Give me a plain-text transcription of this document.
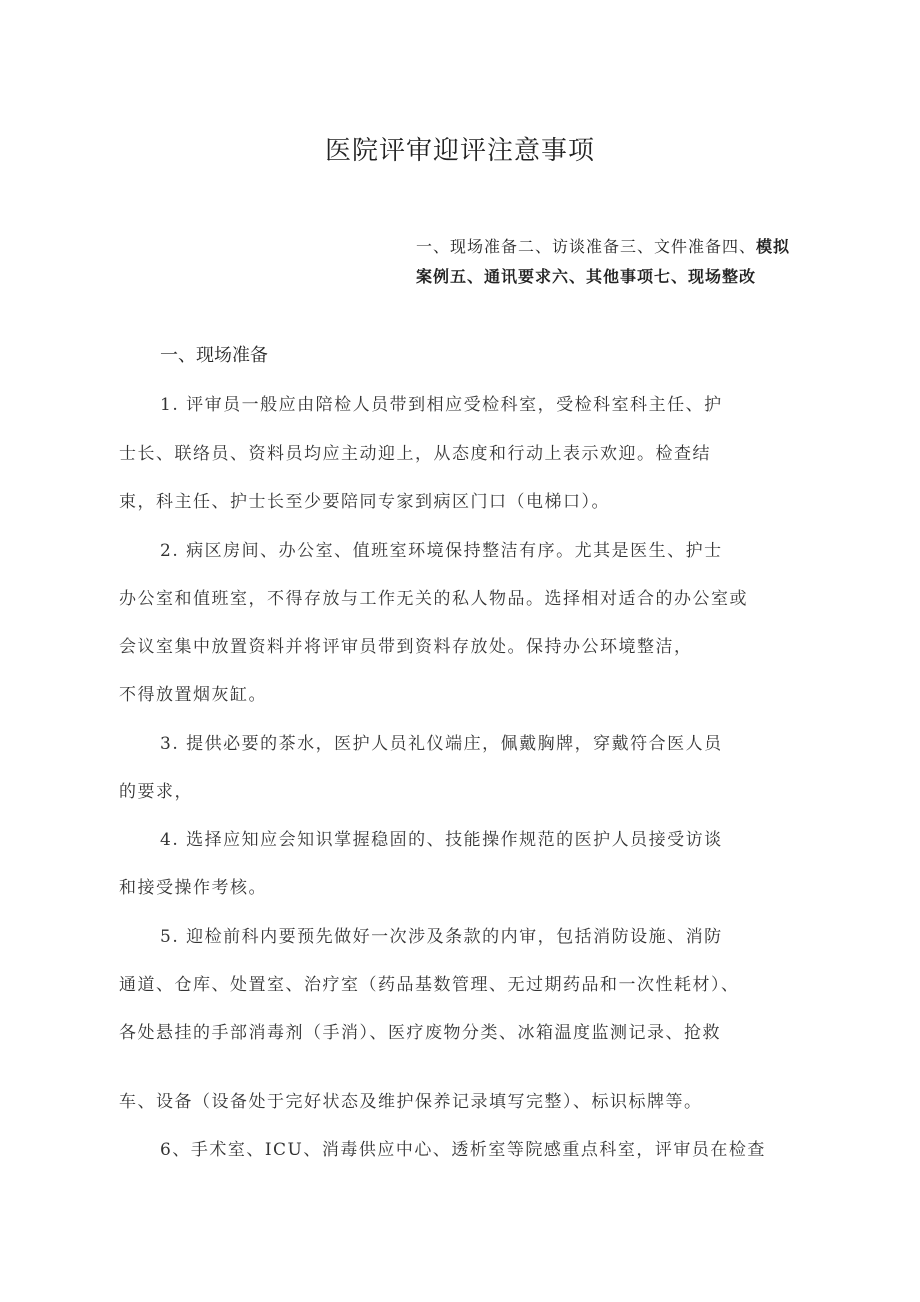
医院评审迎评注意事项
一、现场准备二、访谈准备三、文件准备四、模拟
案例五、通讯要求六、其他事项七、现场整改
一、现场准备
1. 评审员一般应由陪检人员带到相应受检科室，受检科室科主任、护
士长、联络员、资料员均应主动迎上，从态度和行动上表示欢迎。检查结
束，科主任、护士长至少要陪同专家到病区门口（电梯口）。
2. 病区房间、办公室、值班室环境保持整洁有序。尤其是医生、护士
办公室和值班室，不得存放与工作无关的私人物品。选择相对适合的办公室或
会议室集中放置资料并将评审员带到资料存放处。保持办公环境整洁，
不得放置烟灰缸。
3. 提供必要的茶水，医护人员礼仪端庄，佩戴胸牌，穿戴符合医人员
的要求，
4. 选择应知应会知识掌握稳固的、技能操作规范的医护人员接受访谈
和接受操作考核。
5. 迎检前科内要预先做好一次涉及条款的内审，包括消防设施、消防
通道、仓库、处置室、治疗室（药品基数管理、无过期药品和一次性耗材）、
各处悬挂的手部消毒剂（手消）、医疗废物分类、冰箱温度监测记录、抢救
车、设备（设备处于完好状态及维护保养记录填写完整）、标识标牌等。
6、手术室、ICU、消毒供应中心、透析室等院感重点科室，评审员在检查
